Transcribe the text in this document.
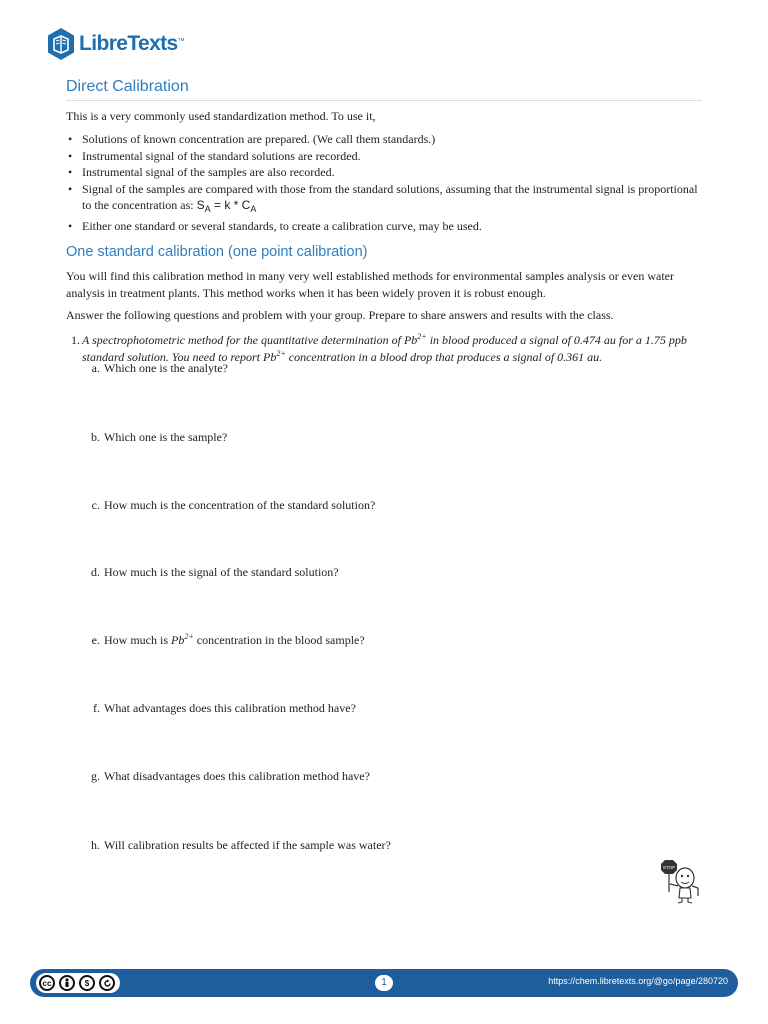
LibreTexts ™
Direct Calibration

This is a very commonly used standardization method. To use it,

• Solutions of known concentration are prepared. (We call them standards.)
• Instrumental signal of the standard solutions are recorded.
• Instrumental signal of the samples are also recorded.
• Signal of the samples are compared with those from the standard solutions, assuming that the instrumental signal is proportional to the concentration as: $S_A = k * C_A$
• Either one standard or several standards, to create a calibration curve, may be used.
One standard calibration (one point calibration)

You will find this calibration method in many very well established methods for environmental samples analysis or even water analysis in treatment plants. This method works when it has been widely proven it is robust enough.

Answer the following questions and problem with your group. Prepare to share answers and results with the class.

1. A spectrophotometric method for the quantitative determination of $Pb^{2+}$ in blood produced a signal of 0.474 au for a 1.75 ppb standard solution. You need to report $Pb^{2+}$ concentration in a blood drop that produces a signal of 0.361 au.
a. Which one is the analyte?
b. Which one is the sample?
c. How much is the concentration of the standard solution?
d. How much is the signal of the standard solution?
e. How much is $Pb^{2+}$ concentration in the blood sample?
f. What advantages does this calibration method have?
g. What disadvantages does this calibration method have?
h. Will calibration results be affected if the sample was water?
STOP
cc	$	1	https://chem.libretexts.org/@go/page/280720
